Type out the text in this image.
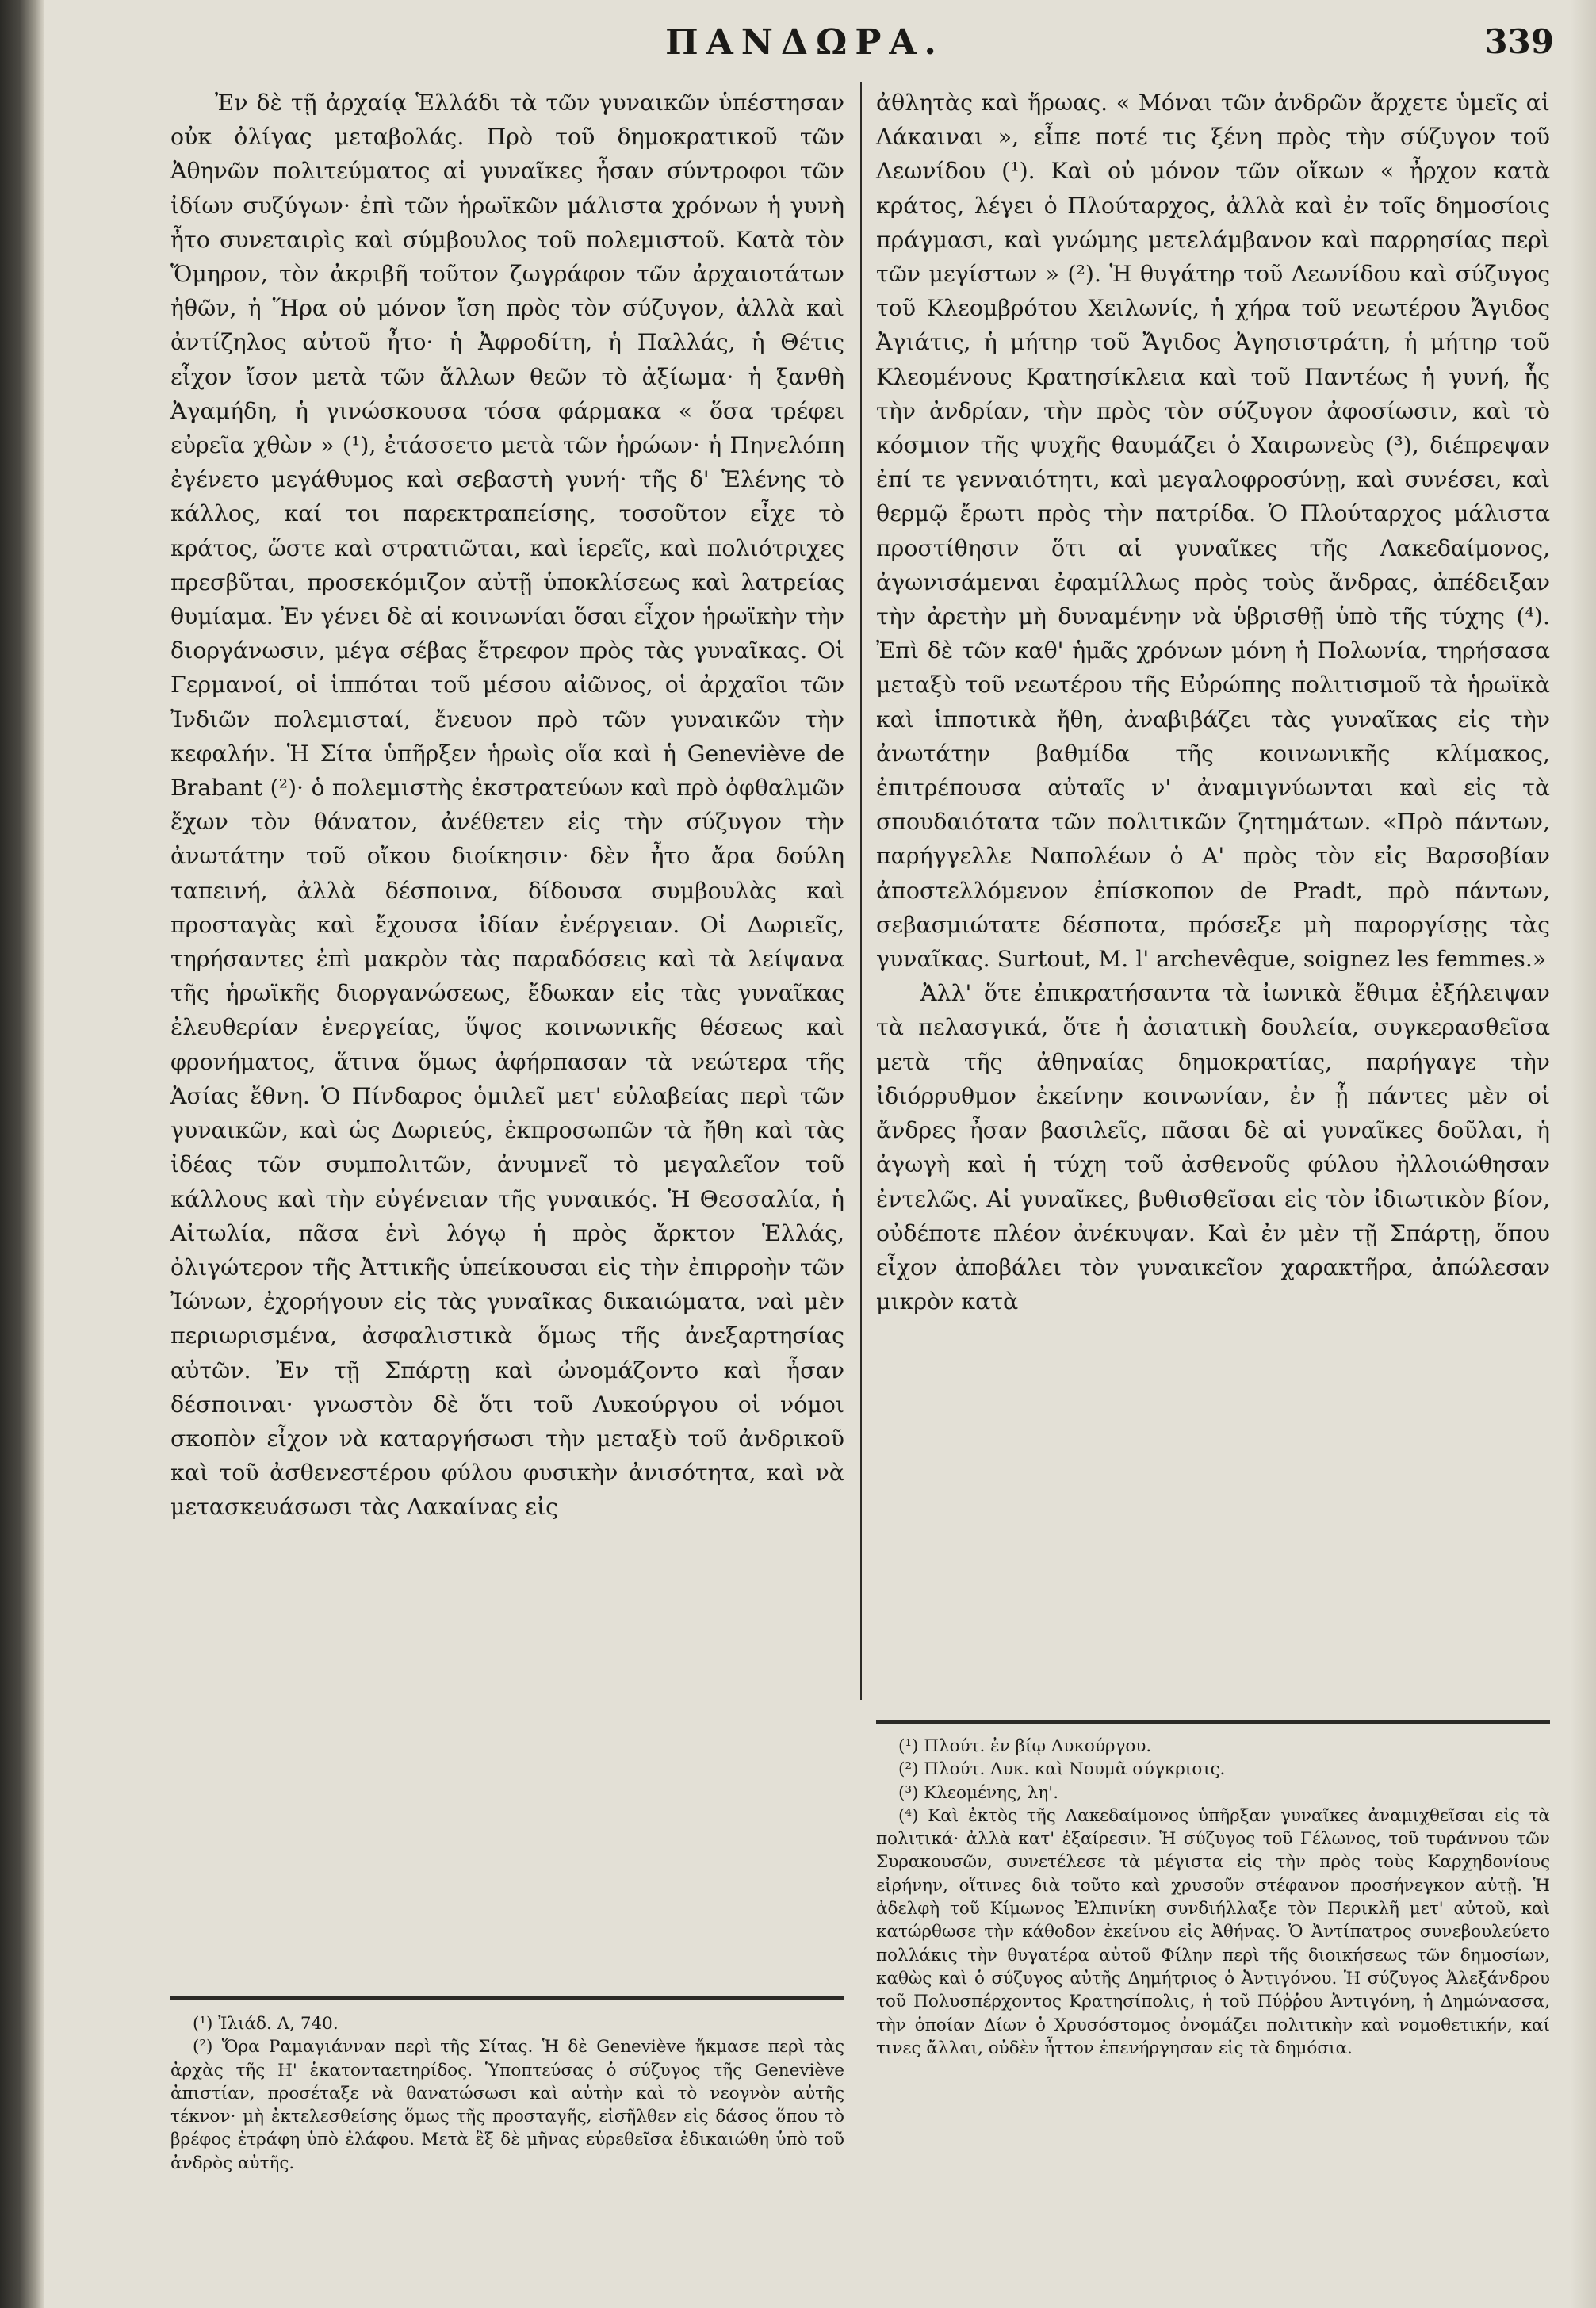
ΠΑΝΔΩΡΑ.	339

Ἐν δὲ τῇ ἀρχαίᾳ Ἑλλάδι τὰ τῶν γυναικῶν ὑπέστησαν οὐκ ὀλίγας μεταβολάς. Πρὸ τοῦ δημοκρατικοῦ τῶν Ἀθηνῶν πολιτεύματος αἱ γυναῖκες ἦσαν σύντροφοι τῶν ἰδίων συζύγων· ἐπὶ τῶν ἡρωϊκῶν μάλιστα χρόνων ἡ γυνὴ ἦτο συνεταιρὶς καὶ σύμβουλος τοῦ πολεμιστοῦ. Κατὰ τὸν Ὅμηρον, τὸν ἀκριβῆ τοῦτον ζωγράφον τῶν ἀρχαιοτάτων ἠθῶν, ἡ Ἥρα οὐ μόνον ἴση πρὸς τὸν σύζυγον, ἀλλὰ καὶ ἀντίζηλος αὐτοῦ ἦτο· ἡ Ἀφροδίτη, ἡ Παλλάς, ἡ Θέτις εἶχον ἴσον μετὰ τῶν ἄλλων θεῶν τὸ ἀξίωμα· ἡ ξανθὴ Ἀγαμήδη, ἡ γινώσκουσα τόσα φάρμακα « ὅσα τρέφει εὐρεῖα χθὼν » (¹), ἐτάσσετο μετὰ τῶν ἡρώων· ἡ Πηνελόπη ἐγένετο μεγάθυμος καὶ σεβαστὴ γυνή· τῆς δ' Ἑλένης τὸ κάλλος, καί τοι παρεκτραπείσης, τοσοῦτον εἶχε τὸ κράτος, ὥστε καὶ στρατιῶται, καὶ ἱερεῖς, καὶ πολιότριχες πρεσβῦται, προσεκόμιζον αὐτῇ ὑποκλίσεως καὶ λατρείας θυμίαμα. Ἐν γένει δὲ αἱ κοινωνίαι ὅσαι εἶχον ἡρωϊκὴν τὴν διοργάνωσιν, μέγα σέβας ἔτρεφον πρὸς τὰς γυναῖκας. Οἱ Γερμανοί, οἱ ἱππόται τοῦ μέσου αἰῶνος, οἱ ἀρχαῖοι τῶν Ἰνδιῶν πολεμισταί, ἔνευον πρὸ τῶν γυναικῶν τὴν κεφαλήν. Ἡ Σίτα ὑπῆρξεν ἡρωὶς οἵα καὶ ἡ Geneviève de Brabant (²)· ὁ πολεμιστὴς ἐκστρατεύων καὶ πρὸ ὀφθαλμῶν ἔχων τὸν θάνατον, ἀνέθετεν εἰς τὴν σύζυγον τὴν ἀνωτάτην τοῦ οἴκου διοίκησιν· δὲν ἦτο ἄρα δούλη ταπεινή, ἀλλὰ δέσποινα, δίδουσα συμβουλὰς καὶ προσταγὰς καὶ ἔχουσα ἰδίαν ἐνέργειαν. Οἱ Δωριεῖς, τηρήσαντες ἐπὶ μακρὸν τὰς παραδόσεις καὶ τὰ λείψανα τῆς ἡρωϊκῆς διοργανώσεως, ἔδωκαν εἰς τὰς γυναῖκας ἐλευθερίαν ἐνεργείας, ὕψος κοινωνικῆς θέσεως καὶ φρονήματος, ἅτινα ὅμως ἀφήρπασαν τὰ νεώτερα τῆς Ἀσίας ἔθνη. Ὁ Πίνδαρος ὁμιλεῖ μετ' εὐλαβείας περὶ τῶν γυναικῶν, καὶ ὡς Δωριεύς, ἐκπροσωπῶν τὰ ἤθη καὶ τὰς ἰδέας τῶν συμπολιτῶν, ἀνυμνεῖ τὸ μεγαλεῖον τοῦ κάλλους καὶ τὴν εὐγένειαν τῆς γυναικός. Ἡ Θεσσαλία, ἡ Αἰτωλία, πᾶσα ἑνὶ λόγῳ ἡ πρὸς ἄρκτον Ἑλλάς, ὀλιγώτερον τῆς Ἀττικῆς ὑπείκουσαι εἰς τὴν ἐπιρροὴν τῶν Ἰώνων, ἐχορήγουν εἰς τὰς γυναῖκας δικαιώματα, ναὶ μὲν περιωρισμένα, ἀσφαλιστικὰ ὅμως τῆς ἀνεξαρτησίας αὐτῶν. Ἐν τῇ Σπάρτῃ καὶ ὠνομάζοντο καὶ ἦσαν δέσποιναι· γνωστὸν δὲ ὅτι τοῦ Λυκούργου οἱ νόμοι σκοπὸν εἶχον νὰ καταργήσωσι τὴν μεταξὺ τοῦ ἀνδρικοῦ καὶ τοῦ ἀσθενεστέρου φύλου φυσικὴν ἀνισότητα, καὶ νὰ μετασκευάσωσι τὰς Λακαίνας εἰς

ἀθλητὰς καὶ ἥρωας. « Μόναι τῶν ἀνδρῶν ἄρχετε ὑμεῖς αἱ Λάκαιναι », εἶπε ποτέ τις ξένη πρὸς τὴν σύζυγον τοῦ Λεωνίδου (¹). Καὶ οὐ μόνον τῶν οἴκων « ἦρχον κατὰ κράτος, λέγει ὁ Πλούταρχος, ἀλλὰ καὶ ἐν τοῖς δημοσίοις πράγμασι, καὶ γνώμης μετελάμβανον καὶ παρρησίας περὶ τῶν μεγίστων » (²). Ἡ θυγάτηρ τοῦ Λεωνίδου καὶ σύζυγος τοῦ Κλεομβρότου Χειλωνίς, ἡ χήρα τοῦ νεωτέρου Ἄγιδος Ἀγιάτις, ἡ μήτηρ τοῦ Ἄγιδος Ἀγησιστράτη, ἡ μήτηρ τοῦ Κλεομένους Κρατησίκλεια καὶ τοῦ Παντέως ἡ γυνή, ἧς τὴν ἀνδρίαν, τὴν πρὸς τὸν σύζυγον ἀφοσίωσιν, καὶ τὸ κόσμιον τῆς ψυχῆς θαυμάζει ὁ Χαιρωνεὺς (³), διέπρεψαν ἐπί τε γενναιότητι, καὶ μεγαλοφροσύνῃ, καὶ συνέσει, καὶ θερμῷ ἔρωτι πρὸς τὴν πατρίδα. Ὁ Πλούταρχος μάλιστα προστίθησιν ὅτι αἱ γυναῖκες τῆς Λακεδαίμονος, ἀγωνισάμεναι ἐφαμίλλως πρὸς τοὺς ἄνδρας, ἀπέδειξαν τὴν ἀρετὴν μὴ δυναμένην νὰ ὑβρισθῇ ὑπὸ τῆς τύχης (⁴). Ἐπὶ δὲ τῶν καθ' ἡμᾶς χρόνων μόνη ἡ Πολωνία, τηρήσασα μεταξὺ τοῦ νεωτέρου τῆς Εὐρώπης πολιτισμοῦ τὰ ἡρωϊκὰ καὶ ἱπποτικὰ ἤθη, ἀναβιβάζει τὰς γυναῖκας εἰς τὴν ἀνωτάτην βαθμίδα τῆς κοινωνικῆς κλίμακος, ἐπιτρέπουσα αὐταῖς ν' ἀναμιγνύωνται καὶ εἰς τὰ σπουδαιότατα τῶν πολιτικῶν ζητημάτων. «Πρὸ πάντων, παρήγγελλε Ναπολέων ὁ Α' πρὸς τὸν εἰς Βαρσοβίαν ἀποστελλόμενον ἐπίσκοπον de Pradt, πρὸ πάντων, σεβασμιώτατε δέσποτα, πρόσεξε μὴ παροργίσῃς τὰς γυναῖκας. Surtout, M. l' archevêque, soignez les femmes.»

Ἀλλ' ὅτε ἐπικρατήσαντα τὰ ἰωνικὰ ἔθιμα ἐξήλειψαν τὰ πελασγικά, ὅτε ἡ ἀσιατικὴ δουλεία, συγκερασθεῖσα μετὰ τῆς ἀθηναίας δημοκρατίας, παρήγαγε τὴν ἰδιόρρυθμον ἐκείνην κοινωνίαν, ἐν ᾗ πάντες μὲν οἱ ἄνδρες ἦσαν βασιλεῖς, πᾶσαι δὲ αἱ γυναῖκες δοῦλαι, ἡ ἀγωγὴ καὶ ἡ τύχη τοῦ ἀσθενοῦς φύλου ἠλλοιώθησαν ἐντελῶς. Αἱ γυναῖκες, βυθισθεῖσαι εἰς τὸν ἰδιωτικὸν βίον, οὐδέποτε πλέον ἀνέκυψαν. Καὶ ἐν μὲν τῇ Σπάρτῃ, ὅπου εἶχον ἀποβάλει τὸν γυναικεῖον χαρακτῆρα, ἀπώλεσαν μικρὸν κατὰ

(¹) Ἰλιάδ. Λ, 740.

(²) Ὅρα Ραμαγιάνναν περὶ τῆς Σίτας. Ἡ δὲ Geneviève ἤκμασε περὶ τὰς ἀρχὰς τῆς Η' ἑκατονταετηρίδος. Ὑποπτεύσας ὁ σύζυγος τῆς Geneviève ἀπιστίαν, προσέταξε νὰ θανατώσωσι καὶ αὐτὴν καὶ τὸ νεογνὸν αὐτῆς τέκνον· μὴ ἐκτελεσθείσης ὅμως τῆς προσταγῆς, εἰσῆλθεν εἰς δάσος ὅπου τὸ βρέφος ἐτράφη ὑπὸ ἐλάφου. Μετὰ ἓξ δὲ μῆνας εὑρεθεῖσα ἐδικαιώθη ὑπὸ τοῦ ἀνδρὸς αὐτῆς.

(¹) Πλούτ. ἐν βίῳ Λυκούργου.

(²) Πλούτ. Λυκ. καὶ Νουμᾶ σύγκρισις.

(³) Κλεομένης, λη'.

(⁴) Καὶ ἐκτὸς τῆς Λακεδαίμονος ὑπῆρξαν γυναῖκες ἀναμιχθεῖσαι εἰς τὰ πολιτικά· ἀλλὰ κατ' ἐξαίρεσιν. Ἡ σύζυγος τοῦ Γέλωνος, τοῦ τυράννου τῶν Συρακουσῶν, συνετέλεσε τὰ μέγιστα εἰς τὴν πρὸς τοὺς Καρχηδονίους εἰρήνην, οἵτινες διὰ τοῦτο καὶ χρυσοῦν στέφανον προσήνεγκον αὐτῇ. Ἡ ἀδελφὴ τοῦ Κίμωνος Ἐλπινίκη συνδιήλλαξε τὸν Περικλῆ μετ' αὐτοῦ, καὶ κατώρθωσε τὴν κάθοδον ἐκείνου εἰς Ἀθήνας. Ὁ Ἀντίπατρος συνεβουλεύετο πολλάκις τὴν θυγατέρα αὐτοῦ Φίλην περὶ τῆς διοικήσεως τῶν δημοσίων, καθὼς καὶ ὁ σύζυγος αὐτῆς Δημήτριος ὁ Ἀντιγόνου. Ἡ σύζυγος Ἀλεξάνδρου τοῦ Πολυσπέρχοντος Κρατησίπολις, ἡ τοῦ Πύῤῥου Ἀντιγόνη, ἡ Δημώνασσα, τὴν ὁποίαν Δίων ὁ Χρυσόστομος ὀνομάζει πολιτικὴν καὶ νομοθετικήν, καί τινες ἄλλαι, οὐδὲν ἧττον ἐπενήργησαν εἰς τὰ δημόσια.
